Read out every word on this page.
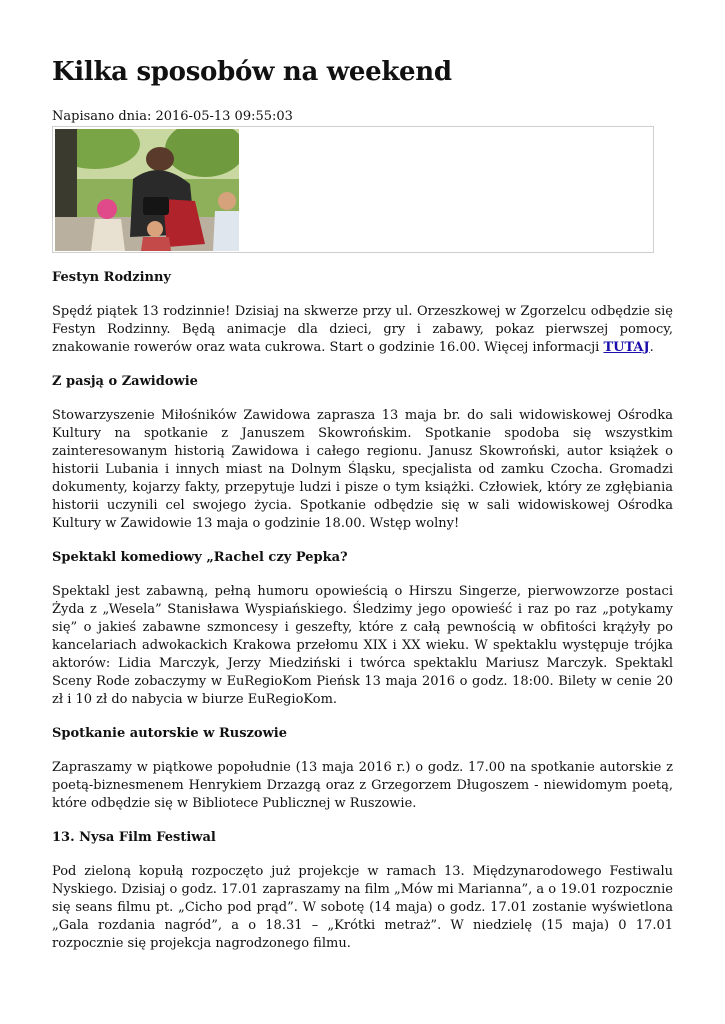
Kilka sposobów na weekend
Napisano dnia: 2016-05-13 09:55:03
Festyn Rodzinny

Spędź piątek 13 rodzinnie! Dzisiaj na skwerze przy ul. Orzeszkowej w Zgorzelcu odbędzie się Festyn Rodzinny. Będą animacje dla dzieci, gry i zabawy, pokaz pierwszej pomocy, znakowanie rowerów oraz wata cukrowa. Start o godzinie 16.00. Więcej informacji TUTAJ.

Z pasją o Zawidowie

Stowarzyszenie Miłośników Zawidowa zaprasza 13 maja br. do sali widowiskowej Ośrodka Kultury na spotkanie z Januszem Skowrońskim. Spotkanie spodoba się wszystkim zainteresowanym historią Zawidowa i całego regionu. Janusz Skowroński, autor książek o historii Lubania i innych miast na Dolnym Śląsku, specjalista od zamku Czocha. Gromadzi dokumenty, kojarzy fakty, przepytuje ludzi i pisze o tym książki. Człowiek, który ze zgłębiania historii uczynili cel swojego życia. Spotkanie odbędzie się w sali widowiskowej Ośrodka Kultury w Zawidowie 13 maja o godzinie 18.00. Wstęp wolny!

Spektakl komediowy „Rachel czy Pepka?

Spektakl jest zabawną, pełną humoru opowieścią o Hirszu Singerze, pierwowzorze postaci Żyda z „Wesela” Stanisława Wyspiańskiego. Śledzimy jego opowieść i raz po raz „potykamy się” o jakieś zabawne szmoncesy i geszefty, które z całą pewnością w obfitości krążyły po kancelariach adwokackich Krakowa przełomu XIX i XX wieku. W spektaklu występuje trójka aktorów: Lidia Marczyk, Jerzy Miedziński i twórca spektaklu Mariusz Marczyk. Spektakl Sceny Rode zobaczymy w EuRegioKom Pieńsk 13 maja 2016 o godz. 18:00. Bilety w cenie 20 zł i 10 zł do nabycia w biurze EuRegioKom.

Spotkanie autorskie w Ruszowie

Zapraszamy w piątkowe popołudnie (13 maja 2016 r.) o godz. 17.00 na spotkanie autorskie z poetą-biznesmenem Henrykiem Drzazgą oraz z Grzegorzem Długoszem - niewidomym poetą, które odbędzie się w Bibliotece Publicznej w Ruszowie.

13. Nysa Film Festiwal

Pod zieloną kopułą rozpoczęto już projekcje w ramach 13. Międzynarodowego Festiwalu Nyskiego. Dzisiaj o godz. 17.01 zapraszamy na film „Mów mi Marianna”, a o 19.01 rozpocznie się seans filmu pt. „Cicho pod prąd”. W sobotę (14 maja) o godz. 17.01 zostanie wyświetlona „Gala rozdania nagród”, a o 18.31 – „Krótki metraż”. W niedzielę (15 maja) 0 17.01 rozpocznie się projekcja nagrodzonego filmu.
